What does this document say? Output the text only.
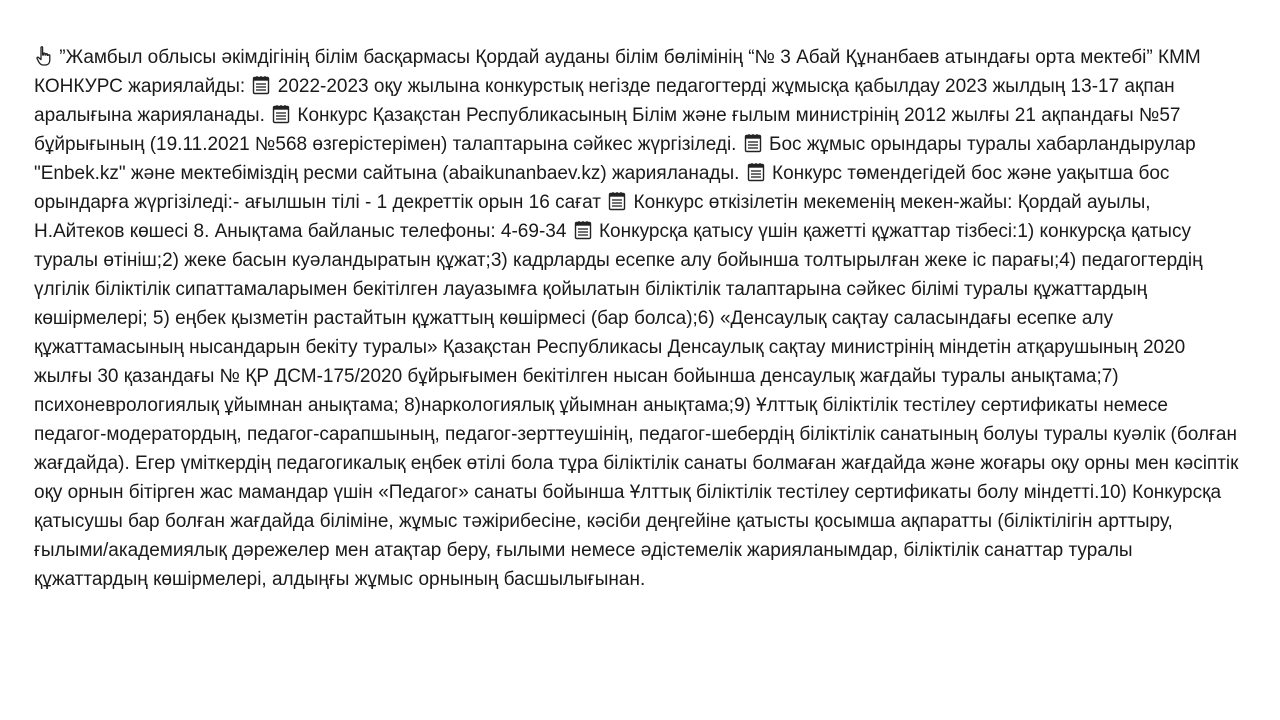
”Жамбыл облысы әкімдігінің білім басқармасы Қордай ауданы білім бөлімінің “№ 3 Абай Құнанбаев атындағы орта мектебі” КММ КОНКУРС жариялайды:
2022-2023 оқу жылына конкурстық негізде педагогтерді жұмысқа қабылдау 2023 жылдың 13-17 ақпан аралығына жарияланады. Конкурс Қазақстан Республикасының Білім және ғылым министрінің 2012 жылғы 21 ақпандағы №57 бұйрығының (19.11.2021 №568 өзгерістерімен) талаптарына сәйкес жүргізіледі. Бос жұмыс орындары туралы хабарландырулар "Enbek.kz" және мектебіміздің ресми сайтына (abaikunanbaev.kz) жарияланады.
Конкурс төмендегідей бос және уақытша бос орындарға жүргізіледі:- ағылшын тілі - 1 декреттік орын 16 сағат Конкурс өткізілетін мекеменің мекен-жайы: Қордай ауылы, Н.Айтеков көшесі 8. Анықтама байланыс телефоны: 4-69-34 Конкурсқа қатысу үшін қажетті құжаттар тізбесі:1) конкурсқа қатысу туралы өтініш;2) жеке басын куәландыратын құжат;3) кадрларды есепке алу бойынша толтырылған жеке іс парағы;4) педагогтердің үлгілік біліктілік сипаттамаларымен бекітілген лауазымға қойылатын біліктілік талаптарына сәйкес білімі туралы құжаттардың көшірмелері; 5) еңбек қызметін растайтын құжаттың көшірмесі (бар болса);6) «Денсаулық сақтау саласындағы есепке алу құжаттамасының нысандарын бекіту туралы» Қазақстан Республикасы Денсаулық сақтау министрінің міндетін атқарушының 2020 жылғы 30 қазандағы № ҚР ДСМ-175/2020 бұйрығымен бекітілген нысан бойынша денсаулық жағдайы туралы анықтама;7) психоневрологиялық ұйымнан анықтама; 8)наркологиялық ұйымнан анықтама;9) Ұлттық біліктілік тестілеу сертификаты немесе педагог-модератордың, педагог-сарапшының, педагог-зерттеушінің, педагог-шебердің біліктілік санатының болуы туралы куәлік (болған жағдайда). Егер үміткердің педагогикалық еңбек өтілі бола тұра біліктілік санаты болмаған жағдайда және жоғары оқу орны мен кәсіптік оқу орнын бітірген жас мамандар үшін «Педагог» санаты бойынша Ұлттық біліктілік тестілеу сертификаты болу міндетті.10) Конкурсқа қатысушы бар болған жағдайда біліміне, жұмыс тәжірибесіне, кәсіби деңгейіне қатысты қосымша ақпаратты (біліктілігін арттыру, ғылыми/академиялық дәрежелер мен атақтар беру, ғылыми немесе әдістемелік жарияланымдар, біліктілік санаттар туралы құжаттардың көшірмелері, алдыңғы жұмыс орнының басшылығынан.
